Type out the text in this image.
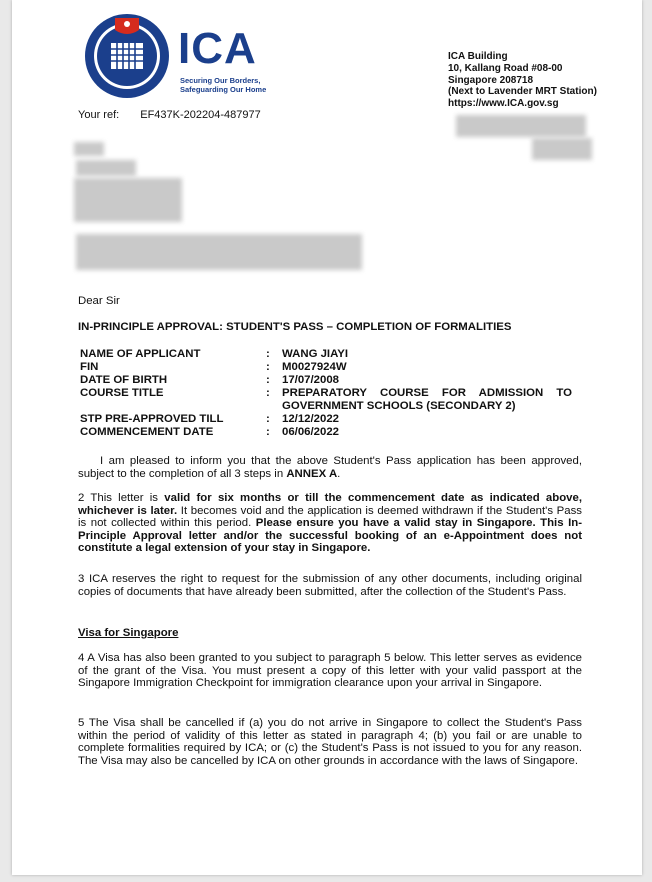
ICA
Securing Our Borders,
Safeguarding Our Home
ICA Building
10, Kallang Road #08-00
Singapore 208718
(Next to Lavender MRT Station)
https://www.ICA.gov.sg
Your ref: EF437K-202204-487977
Dear Sir
IN-PRINCIPLE APPROVAL: STUDENT'S PASS – COMPLETION OF FORMALITIES
NAME OF APPLICANT	:	WANG JIAYI
FIN	:	M0027924W
DATE OF BIRTH	:	17/07/2008
COURSE TITLE	:	PREPARATORY COURSE FOR ADMISSION TO GOVERNMENT SCHOOLS (SECONDARY 2)
STP PRE-APPROVED TILL	:	12/12/2022
COMMENCEMENT DATE	:	06/06/2022
I am pleased to inform you that the above Student's Pass application has been approved, subject to the completion of all 3 steps in ANNEX A.
2 This letter is valid for six months or till the commencement date as indicated above, whichever is later. It becomes void and the application is deemed withdrawn if the Student's Pass is not collected within this period. Please ensure you have a valid stay in Singapore. This In-Principle Approval letter and/or the successful booking of an e-Appointment does not constitute a legal extension of your stay in Singapore.
3 ICA reserves the right to request for the submission of any other documents, including original copies of documents that have already been submitted, after the collection of the Student's Pass.
Visa for Singapore
4 A Visa has also been granted to you subject to paragraph 5 below. This letter serves as evidence of the grant of the Visa. You must present a copy of this letter with your valid passport at the Singapore Immigration Checkpoint for immigration clearance upon your arrival in Singapore.
5 The Visa shall be cancelled if (a) you do not arrive in Singapore to collect the Student's Pass within the period of validity of this letter as stated in paragraph 4; (b) you fail or are unable to complete formalities required by ICA; or (c) the Student's Pass is not issued to you for any reason. The Visa may also be cancelled by ICA on other grounds in accordance with the laws of Singapore.
